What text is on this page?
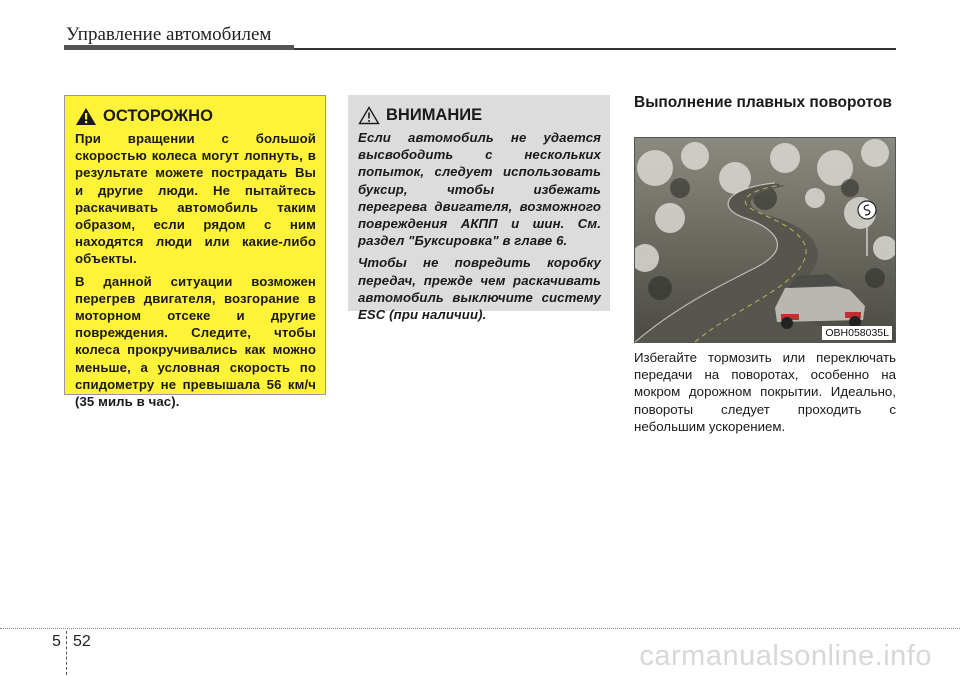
Управление автомобилем
ОСТОРОЖНО

При вращении с большой скоростью колеса могут лопнуть, в результате можете пострадать Вы и другие люди. Не пытайтесь раскачивать автомобиль таким образом, если рядом с ним находятся люди или какие-либо объекты.

В данной ситуации возможен перегрев двигателя, возгорание в моторном отсеке и другие повреждения. Следите, чтобы колеса прокручивались как можно меньше, а условная скорость по спидометру не превышала 56 км/ч (35 миль в час).

ВНИМАНИЕ

Если автомобиль не удается высвободить с нескольких попыток, следует использовать буксир, чтобы избежать перегрева двигателя, возможного повреждения АКПП и шин. См. раздел "Буксировка" в главе 6.

Чтобы не повредить коробку передач, прежде чем раскачивать автомобиль выключите систему ESC (при наличии).

Выполнение плавных поворотов
OBH058035L
Избегайте тормозить или переключать передачи на поворотах, особенно на мокром дорожном покрытии. Идеально, повороты следует проходить с небольшим ускорением.
5 52	carmanualsonline.info
